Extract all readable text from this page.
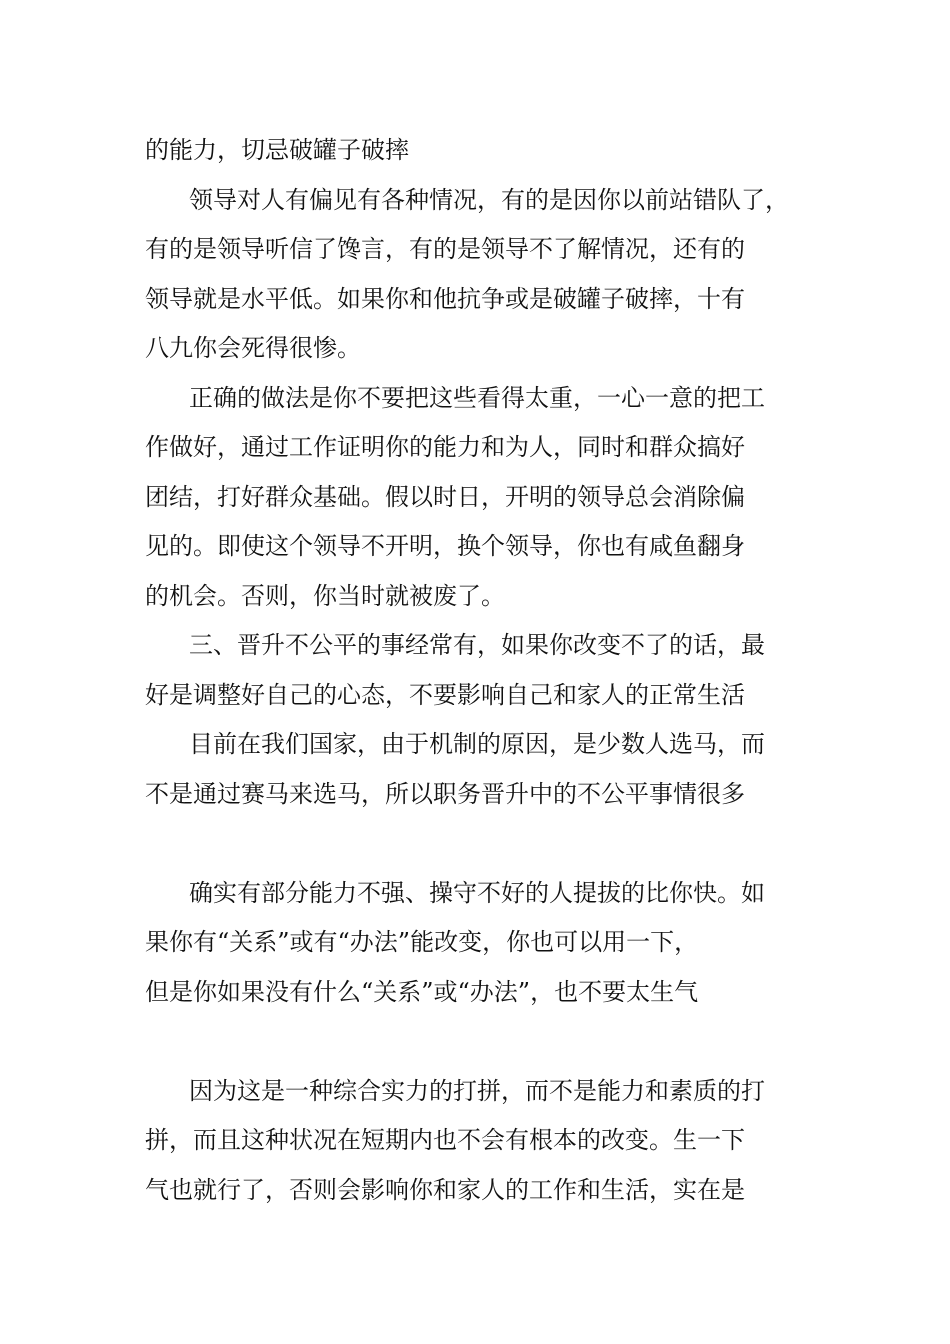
的能力，切忌破罐子破摔
领导对人有偏见有各种情况，有的是因你以前站错队了，
有的是领导听信了馋言，有的是领导不了解情况，还有的
领导就是水平低。如果你和他抗争或是破罐子破摔，十有
八九你会死得很惨。
正确的做法是你不要把这些看得太重，一心一意的把工
作做好，通过工作证明你的能力和为人，同时和群众搞好
团结，打好群众基础。假以时日，开明的领导总会消除偏
见的。即使这个领导不开明，换个领导，你也有咸鱼翻身
的机会。否则，你当时就被废了。
三、晋升不公平的事经常有，如果你改变不了的话，最
好是调整好自己的心态，不要影响自己和家人的正常生活
目前在我们国家，由于机制的原因，是少数人选马，而
不是通过赛马来选马，所以职务晋升中的不公平事情很多
确实有部分能力不强、操守不好的人提拔的比你快。如
果你有“关系”或有“办法”能改变，你也可以用一下，
但是你如果没有什么“关系”或“办法”，也不要太生气
因为这是一种综合实力的打拼，而不是能力和素质的打
拼，而且这种状况在短期内也不会有根本的改变。生一下
气也就行了，否则会影响你和家人的工作和生活，实在是
